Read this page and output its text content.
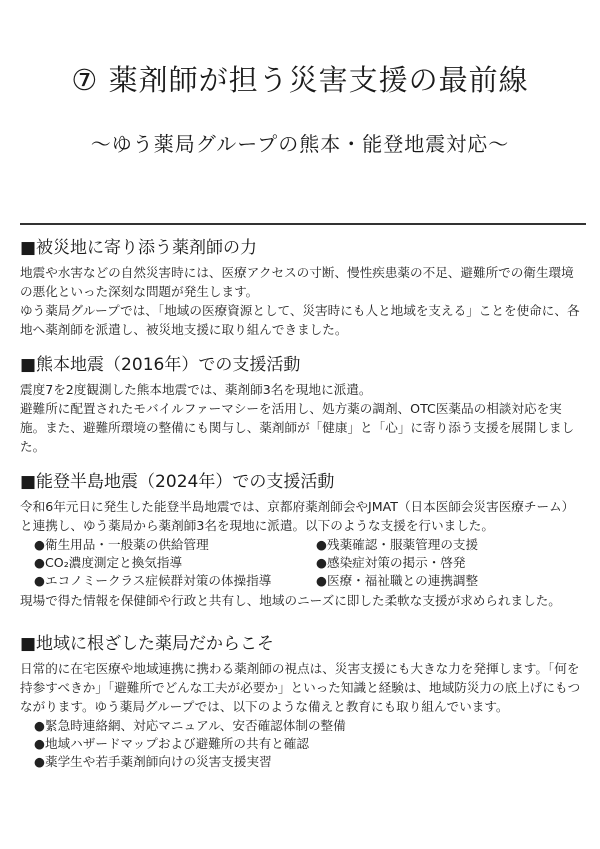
⑦ 薬剤師が担う災害支援の最前線
〜ゆう薬局グループの熊本・能登地震対応〜
■被災地に寄り添う薬剤師の力

地震や水害などの自然災害時には、医療アクセスの寸断、慢性疾患薬の不足、避難所での衛生環境の悪化といった深刻な問題が発生します。

ゆう薬局グループでは、「地域の医療資源として、災害時にも人と地域を支える」ことを使命に、各地へ薬剤師を派遣し、被災地支援に取り組んできました。

■熊本地震（2016年）での支援活動

震度7を2度観測した熊本地震では、薬剤師3名を現地に派遣。

避難所に配置されたモバイルファーマシーを活用し、処方薬の調剤、OTC医薬品の相談対応を実施。また、避難所環境の整備にも関与し、薬剤師が「健康」と「心」に寄り添う支援を展開しました。

■能登半島地震（2024年）での支援活動

令和6年元日に発生した能登半島地震では、京都府薬剤師会やJMAT（日本医師会災害医療チーム）と連携し、ゆう薬局から薬剤師3名を現地に派遣。以下のような支援を行いました。

●衛生用品・一般薬の供給管理	●残薬確認・服薬管理の支援
●CO₂濃度測定と換気指導	●感染症対策の掲示・啓発
●エコノミークラス症候群対策の体操指導	●医療・福祉職との連携調整

現場で得た情報を保健師や行政と共有し、地域のニーズに即した柔軟な支援が求められました。

■地域に根ざした薬局だからこそ

日常的に在宅医療や地域連携に携わる薬剤師の視点は、災害支援にも大きな力を発揮します。「何を持参すべきか」「避難所でどんな工夫が必要か」といった知識と経験は、地域防災力の底上げにもつながります。ゆう薬局グループでは、以下のような備えと教育にも取り組んでいます。

●緊急時連絡網、対応マニュアル、安否確認体制の整備
●地域ハザードマップおよび避難所の共有と確認
●薬学生や若手薬剤師向けの災害支援実習
